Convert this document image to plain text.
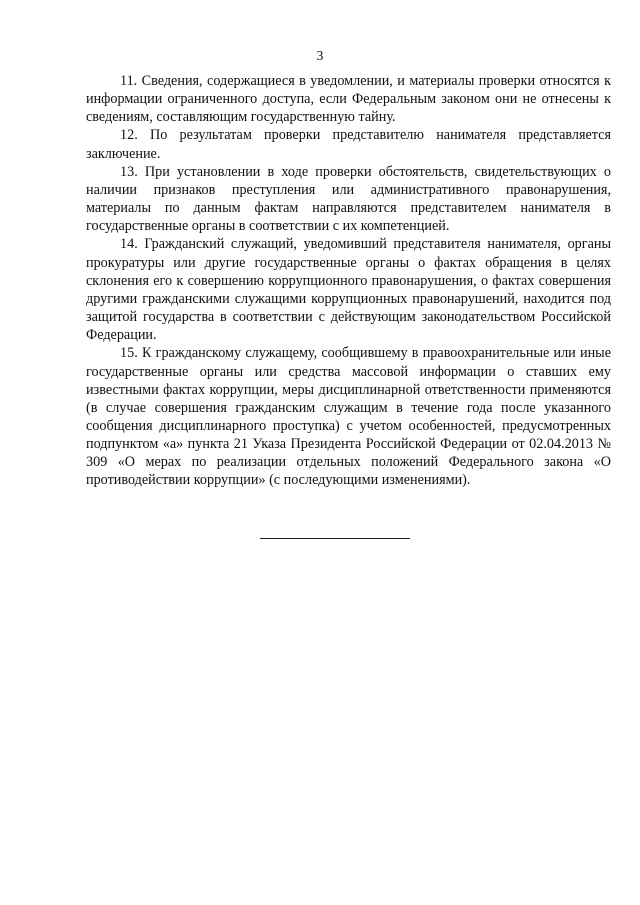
3

11. Сведения, содержащиеся в уведомлении, и материалы проверки относятся к информации ограниченного доступа, если Федеральным законом они не отнесены к сведениям, составляющим государственную тайну.

12. По результатам проверки представителю нанимателя представляется заключение.

13. При установлении в ходе проверки обстоятельств, свидетельствующих о наличии признаков преступления или административного правонарушения, материалы по данным фактам направляются представителем нанимателя в государственные органы в соответствии с их компетенцией.

14. Гражданский служащий, уведомивший представителя нанимателя, органы прокуратуры или другие государственные органы о фактах обращения в целях склонения его к совершению коррупционного правонарушения, о фактах совершения другими гражданскими служащими коррупционных правонарушений, находится под защитой государства в соответствии с действующим законодательством Российской Федерации.

15. К гражданскому служащему, сообщившему в правоохранительные или иные государственные органы или средства массовой информации о ставших ему известными фактах коррупции, меры дисциплинарной ответственности применяются (в случае совершения гражданским служащим в течение года после указанного сообщения дисциплинарного проступка) с учетом особенностей, предусмотренных подпунктом «а» пункта 21 Указа Президента Российской Федерации от 02.04.2013 № 309 «О мерах по реализации отдельных положений Федерального закона «О противодействии коррупции» (с последующими изменениями).
